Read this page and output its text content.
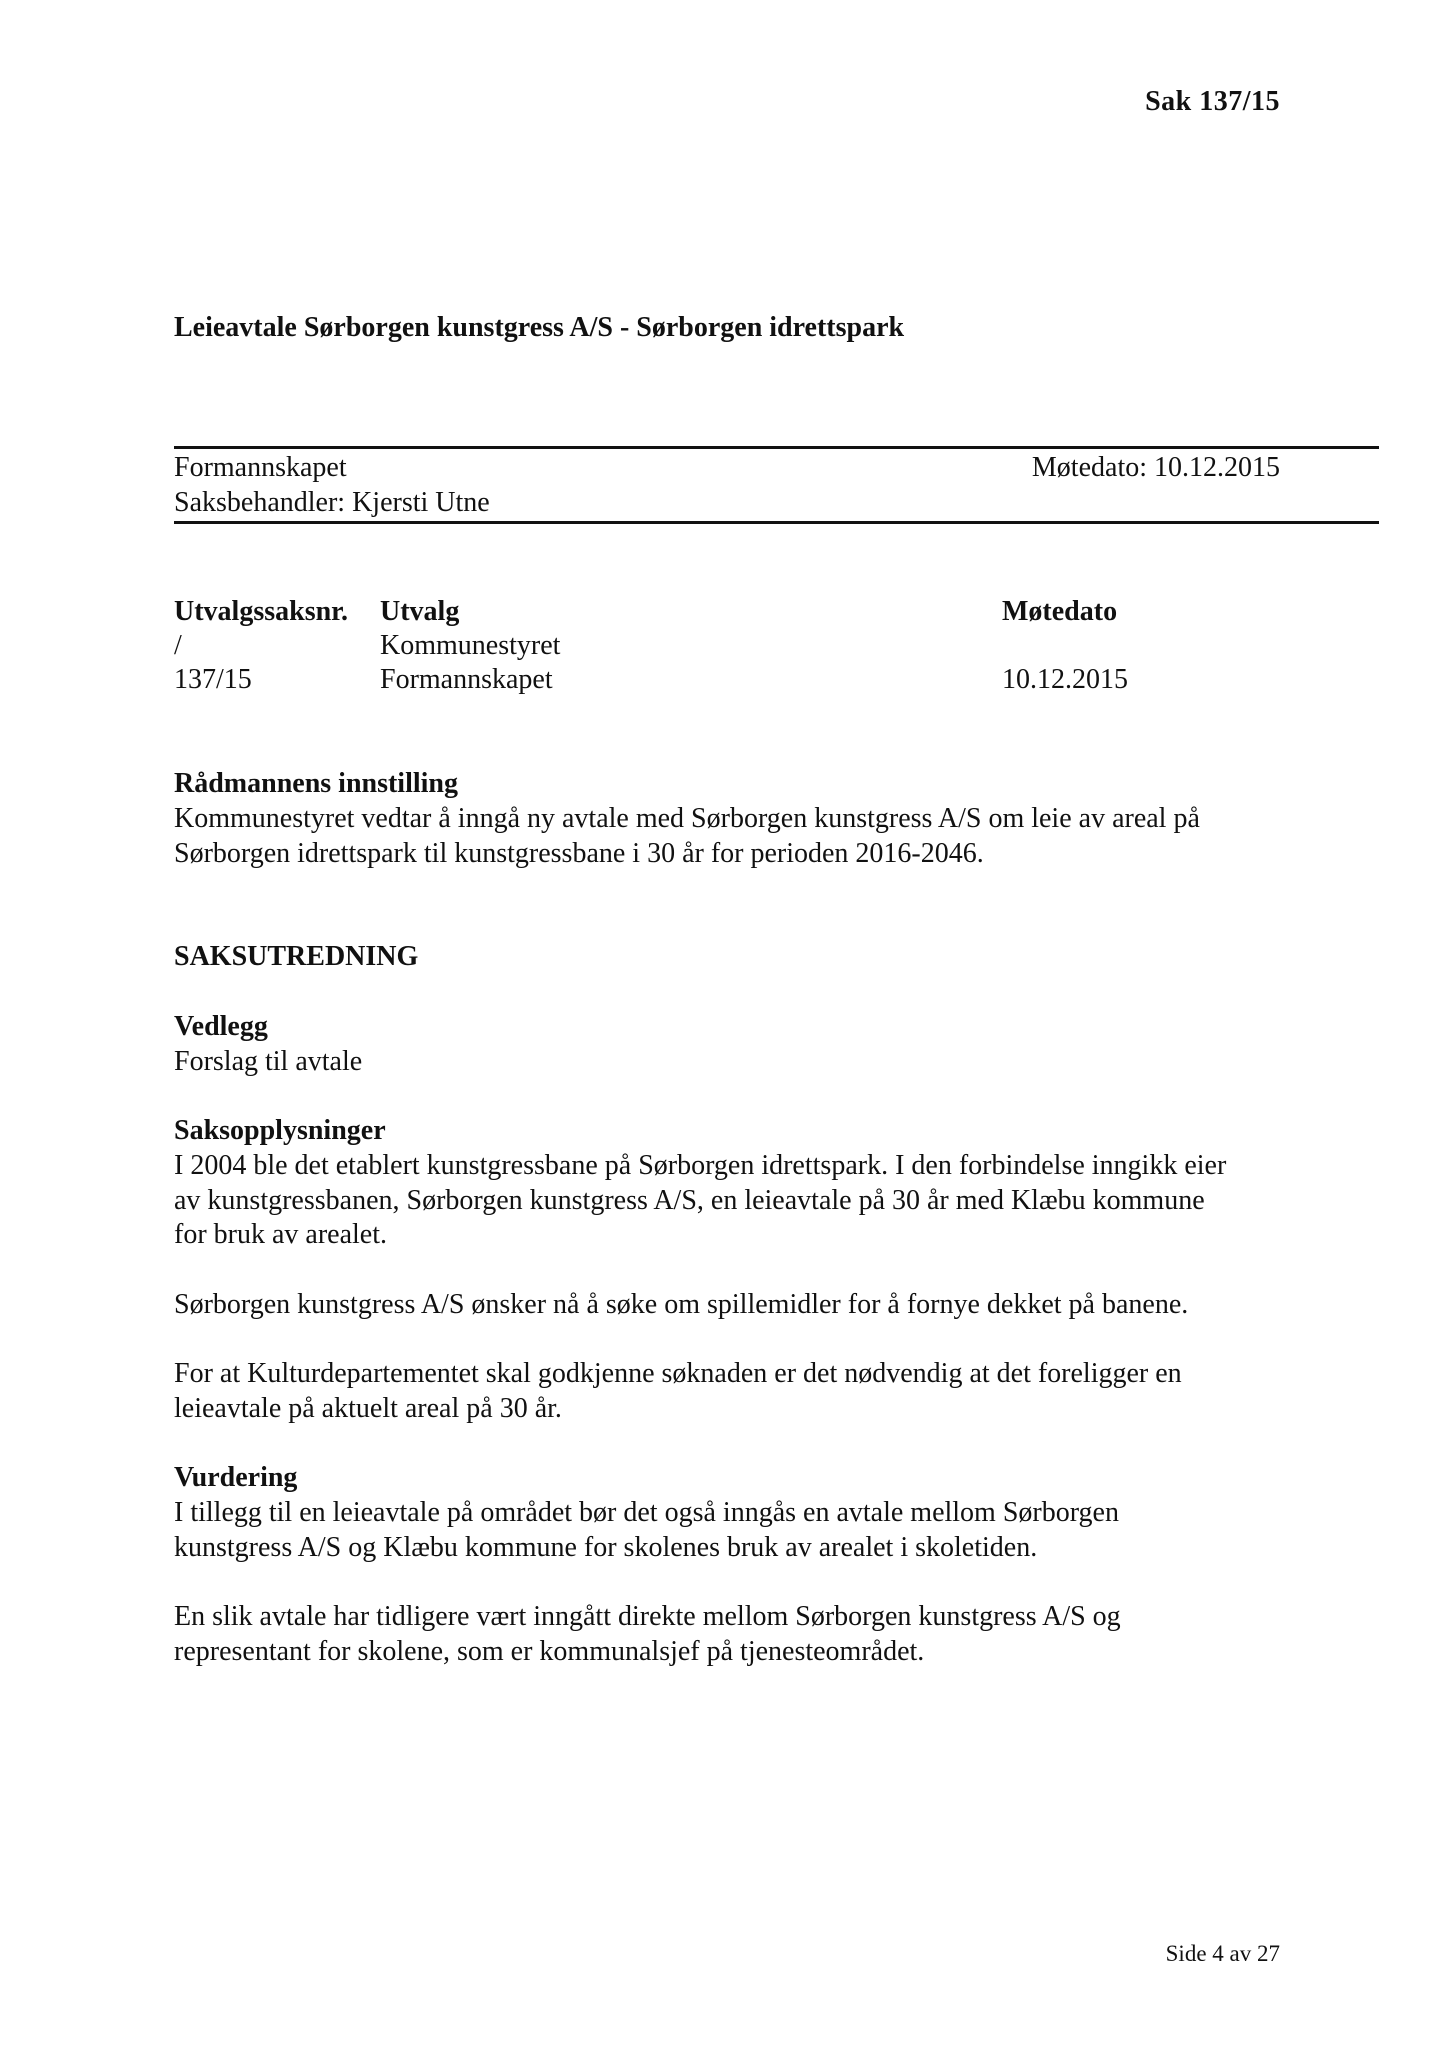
Sak 137/15
Leieavtale Sørborgen kunstgress A/S - Sørborgen idrettspark
Formannskapet	Møtedato: 10.12.2015
Saksbehandler: Kjersti Utne
Utvalgssaksnr. Utvalg	Møtedato
/	Kommunestyret
137/15	Formannskapet	10.12.2015
Rådmannens innstilling
Kommunestyret vedtar å inngå ny avtale med Sørborgen kunstgress A/S om leie av areal på
Sørborgen idrettspark til kunstgressbane i 30 år for perioden 2016-2046.
SAKSUTREDNING
Vedlegg
Forslag til avtale
Saksopplysninger
I 2004 ble det etablert kunstgressbane på Sørborgen idrettspark. I den forbindelse inngikk eier
av kunstgressbanen, Sørborgen kunstgress A/S, en leieavtale på 30 år med Klæbu kommune
for bruk av arealet.
Sørborgen kunstgress A/S ønsker nå å søke om spillemidler for å fornye dekket på banene.
For at Kulturdepartementet skal godkjenne søknaden er det nødvendig at det foreligger en
leieavtale på aktuelt areal på 30 år.
Vurdering
I tillegg til en leieavtale på området bør det også inngås en avtale mellom Sørborgen
kunstgress A/S og Klæbu kommune for skolenes bruk av arealet i skoletiden.
En slik avtale har tidligere vært inngått direkte mellom Sørborgen kunstgress A/S og
representant for skolene, som er kommunalsjef på tjenesteområdet.
Side 4 av 27
